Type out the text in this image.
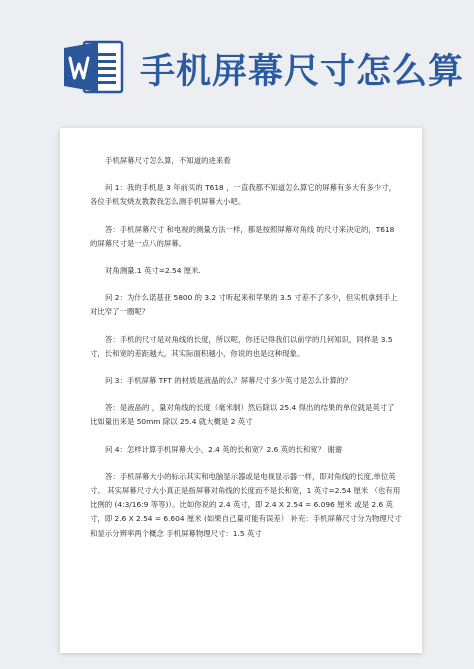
手机屏幕尺寸怎么算

手机屏幕尺寸怎么算，不知道的进来看

问 1：我的手机是 3 年前买的 T618 ，一直我都不知道怎么算它的屏幕有多大有多少寸，各位手机发烧友教教我怎么测手机屏幕大小吧。

答：手机屏幕尺寸 和电视的测量方法一样，都是按照屏幕对角线 的尺寸来决定的，T618 的屏幕尺寸是一点八的屏幕。

对角测量.1 英寸=2.54 厘米.

问 2：为什么诺基亚 5800 的 3.2 寸听起来和苹果的 3.5 寸差不了多少，但实机拿到手上对比窄了一圈呢？

答：手机的尺寸是对角线的长度，所以呢，你还记得我们以前学的几何知识，同样是 3.5 寸，长和宽的差距越大，其实际面积越小，你说的也是这种现象。

问 3：手机屏幕 TFT 的材质是液晶的么？屏幕尺寸多少英寸是怎么计算的？

答：是液晶的 ，量对角线的长度（毫米制）然后除以 25.4 得出的结果的单位就是英寸了 比如量出来是 50mm 除以 25.4 就大概是 2 英寸

问 4：怎样计算手机屏幕大小，2.4 英的长和宽？2.6 英的长和宽？ 谢谢

答：手机屏幕大小的标示其实和电脑显示器或是电视显示器一样，即对角线的长度,单位英寸。 其实屏幕尺寸大小真正是指屏幕对角线的长度而不是长和宽，1 英寸=2.54 厘米 （也有用比例的 (4:3/16:9 等等)）。比如你说的 2.4 英寸，即 2.4 X 2.54 = 6.096 厘米 或是 2.6 英寸，即 2.6 X 2.54 = 6.604 厘米 (如果自己量可能有误差） 补充：手机屏幕尺寸分为物理尺寸和显示分辨率两个概念 手机屏幕物理尺寸：1.5 英寸
